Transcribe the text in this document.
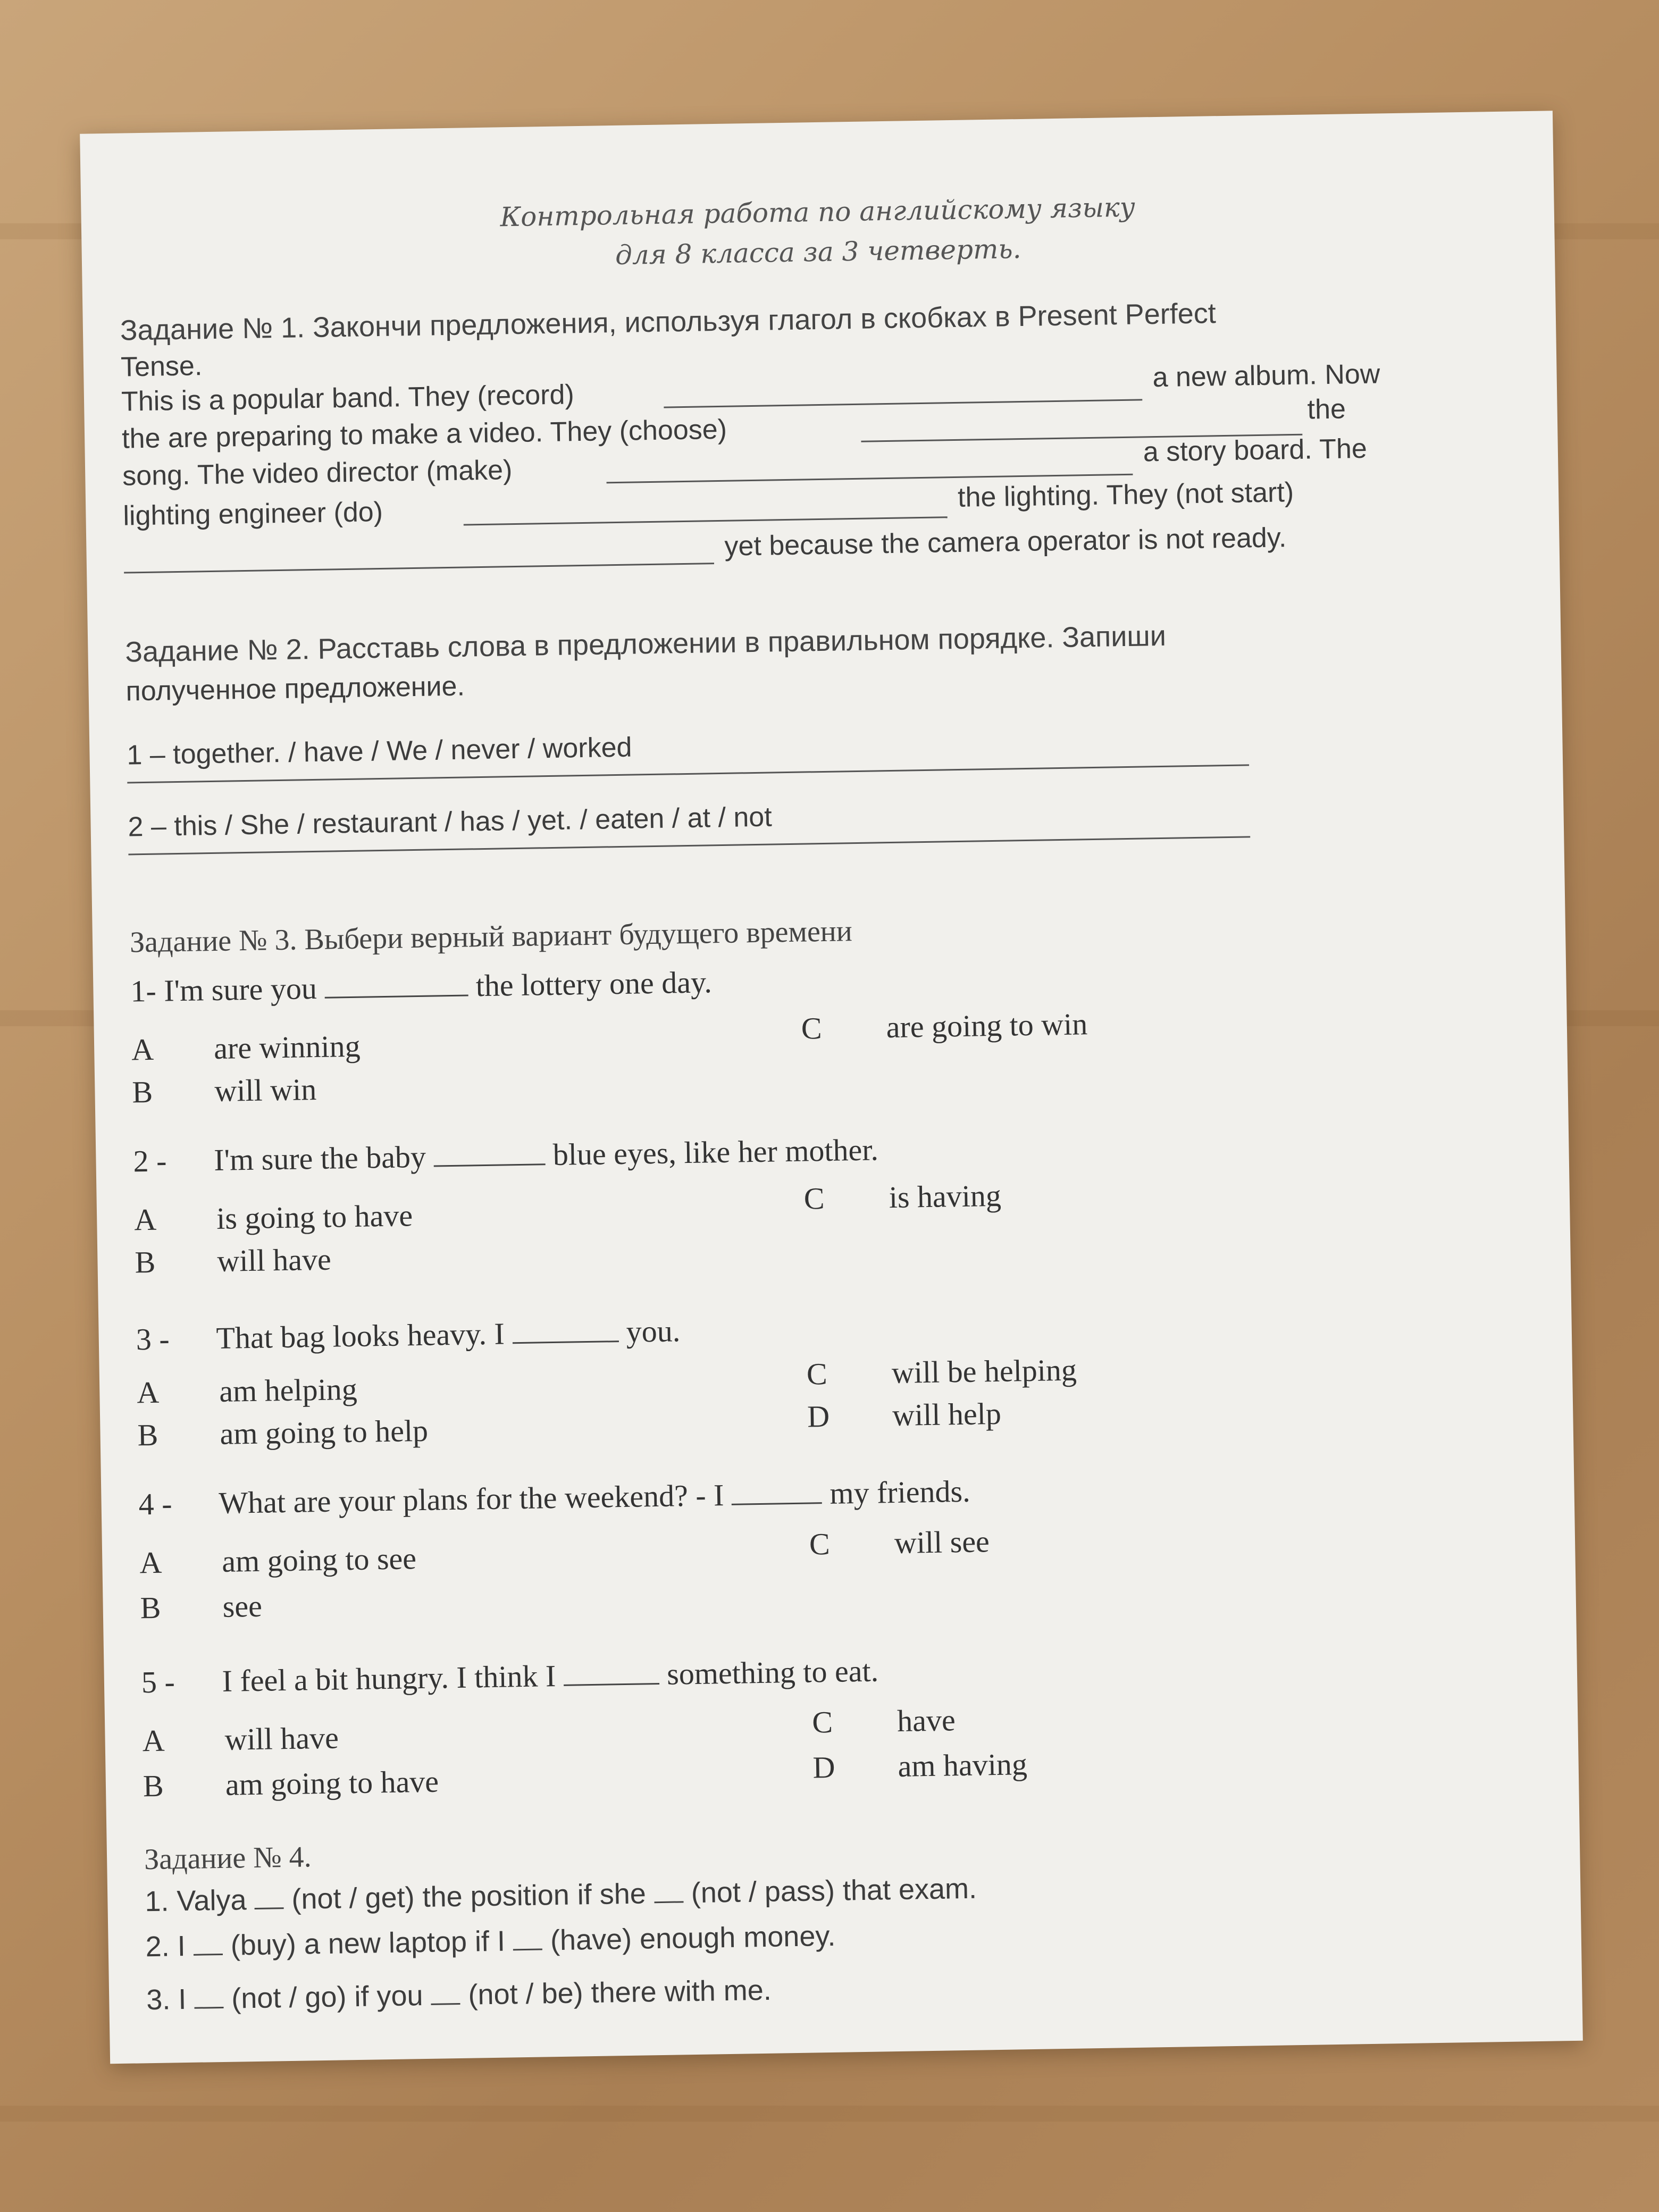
Контрольная работа по английскому языку
для 8 класса за 3 четверть.
Задание № 1. Закончи предложения, используя глагол в скобках в Present Perfect
Tense.
This is a popular band. They (record)
a new album. Now
the
the are preparing to make a video. They (choose)	a story board. The
song. The video director (make)
the lighting. They (not start)
lighting engineer (do)
yet because the camera operator is not ready.
Задание № 2. Расставь слова в предложении в правильном порядке. Запиши
полученное предложение.
1 – together. / have / We / never / worked
2 – this / She / restaurant / has / yet. / eaten / at / not
Задание № 3. Выбери верный вариант будущего времени
1- I'm sure you	the lottery one day.
A are winning
B will win
C are going to win
2 - I'm sure the baby	blue eyes, like her mother.
A is going to have
B will have
C is having
3 - That bag looks heavy. I	you.
A am helping
B am going to help
C will be helping
D will help
4 - What are your plans for the weekend? - I	my friends.
A am going to see
B see
C will see
5 - I feel a bit hungry. I think I	something to eat.
A will have
B am going to have
C have
D am having
Задание № 4.
1. Valya (not / get) the position if she (not / pass) that exam.
2. I (buy) a new laptop if I (have) enough money.
3. I (not / go) if you (not / be) there with me.
